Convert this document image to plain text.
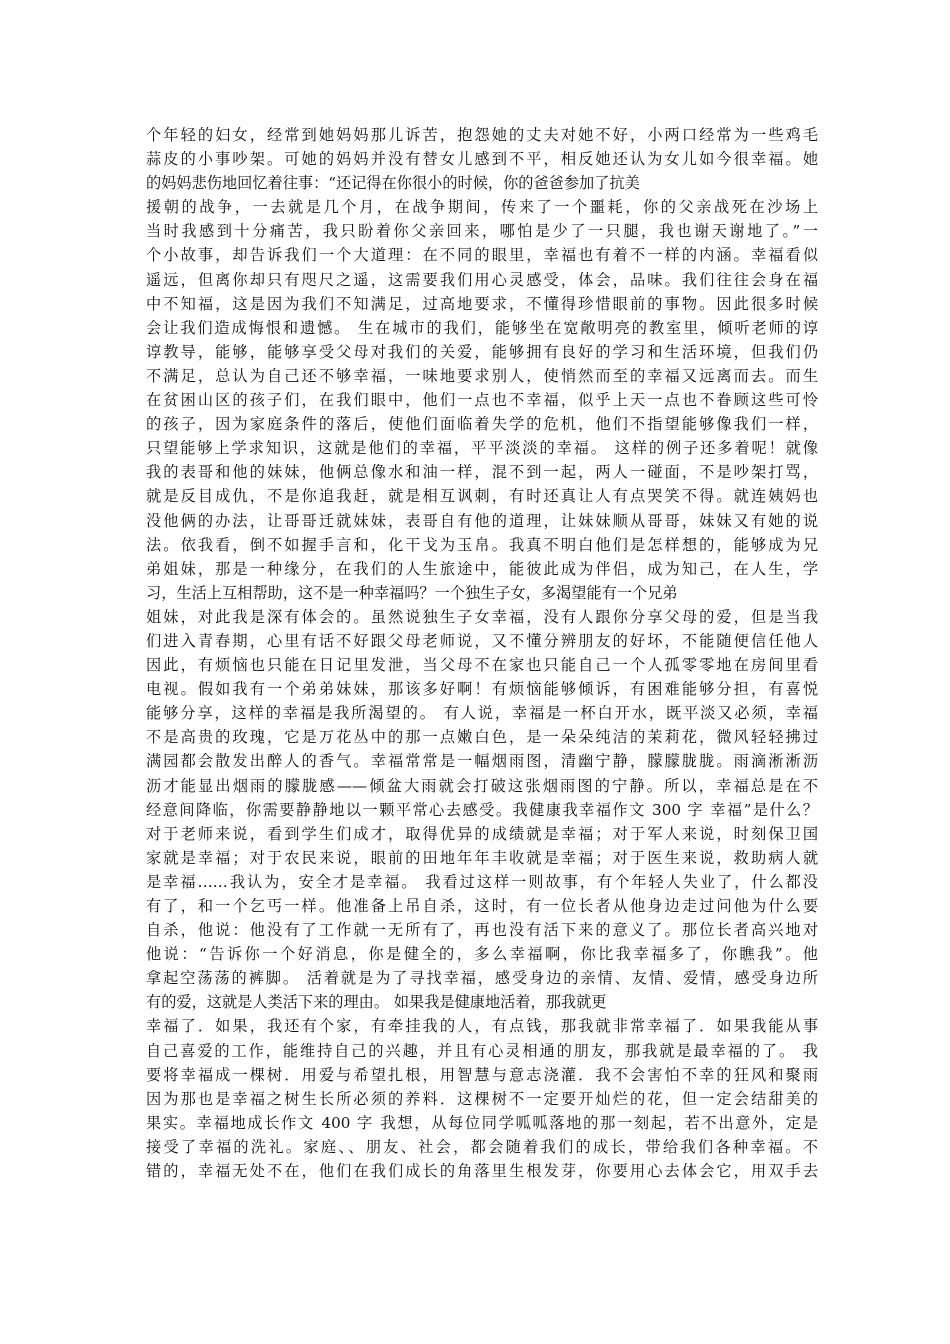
个年轻的妇女，经常到她妈妈那儿诉苦，抱怨她的丈夫对她不好，小两口经常为一些鸡毛
蒜皮的小事吵架。可她的妈妈并没有替女儿感到不平，相反她还认为女儿如今很幸福。她
的妈妈悲伤地回忆着往事：“还记得在你很小的时候，你的爸爸参加了抗美
援朝的战争，一去就是几个月，在战争期间，传来了一个噩耗，你的父亲战死在沙场上
当时我感到十分痛苦，我只盼着你父亲回来，哪怕是少了一只腿，我也谢天谢地了。”一
个小故事，却告诉我们一个大道理：在不同的眼里，幸福也有着不一样的内涵。幸福看似
遥远，但离你却只有咫尺之遥，这需要我们用心灵感受，体会，品味。我们往往会身在福
中不知福，这是因为我们不知满足，过高地要求，不懂得珍惜眼前的事物。因此很多时候
会让我们造成悔恨和遗憾。 生在城市的我们，能够坐在宽敞明亮的教室里，倾听老师的谆
谆教导，能够，能够享受父母对我们的关爱，能够拥有良好的学习和生活环境，但我们仍
不满足，总认为自己还不够幸福，一味地要求别人，使悄然而至的幸福又远离而去。而生
在贫困山区的孩子们，在我们眼中，他们一点也不幸福，似乎上天一点也不眷顾这些可怜
的孩子，因为家庭条件的落后，使他们面临着失学的危机，他们不指望能够像我们一样，
只望能够上学求知识，这就是他们的幸福，平平淡淡的幸福。 这样的例子还多着呢！就像
我的表哥和他的妹妹，他俩总像水和油一样，混不到一起，两人一碰面，不是吵架打骂，
就是反目成仇，不是你追我赶，就是相互讽刺，有时还真让人有点哭笑不得。就连姨妈也
没他俩的办法，让哥哥迁就妹妹，表哥自有他的道理，让妹妹顺从哥哥，妹妹又有她的说
法。依我看，倒不如握手言和，化干戈为玉帛。我真不明白他们是怎样想的，能够成为兄
弟姐妹，那是一种缘分，在我们的人生旅途中，能彼此成为伴侣，成为知己，在人生，学
习，生活上互相帮助，这不是一种幸福吗？一个独生子女，多渴望能有一个兄弟
姐妹，对此我是深有体会的。虽然说独生子女幸福，没有人跟你分享父母的爱，但是当我
们进入青春期，心里有话不好跟父母老师说，又不懂分辨朋友的好坏，不能随便信任他人
因此，有烦恼也只能在日记里发泄，当父母不在家也只能自己一个人孤零零地在房间里看
电视。假如我有一个弟弟妹妹，那该多好啊！有烦恼能够倾诉，有困难能够分担，有喜悦
能够分享，这样的幸福是我所渴望的。 有人说，幸福是一杯白开水，既平淡又必须，幸福
不是高贵的玫瑰，它是万花丛中的那一点嫩白色，是一朵朵纯洁的茉莉花，微风轻轻拂过
满园都会散发出醉人的香气。幸福常常是一幅烟雨图，清幽宁静，朦朦胧胧。雨滴淅淅沥
沥才能显出烟雨的朦胧感——倾盆大雨就会打破这张烟雨图的宁静。所以，幸福总是在不
经意间降临，你需要静静地以一颗平常心去感受。我健康我幸福作文 300 字 幸福”是什么？
对于老师来说，看到学生们成才，取得优异的成绩就是幸福；对于军人来说，时刻保卫国
家就是幸福；对于农民来说，眼前的田地年年丰收就是幸福；对于医生来说，救助病人就
是幸福……我认为，安全才是幸福。 我看过这样一则故事，有个年轻人失业了，什么都没
有了，和一个乞丐一样。他准备上吊自杀，这时，有一位长者从他身边走过问他为什么要
自杀，他说：他没有了工作就一无所有了，再也没有活下来的意义了。那位长者高兴地对
他说：“告诉你一个好消息，你是健全的，多么幸福啊，你比我幸福多了，你瞧我”。他
拿起空荡荡的裤脚。 活着就是为了寻找幸福，感受身边的亲情、友情、爱情，感受身边所
有的爱，这就是人类活下来的理由。 如果我是健康地活着，那我就更
幸福了．如果，我还有个家，有牵挂我的人，有点钱，那我就非常幸福了．如果我能从事
自己喜爱的工作，能维持自己的兴趣，并且有心灵相通的朋友，那我就是最幸福的了。 我
要将幸福成一棵树．用爱与希望扎根，用智慧与意志浇灌．我不会害怕不幸的狂风和聚雨
因为那也是幸福之树生长所必须的养料．这棵树不一定要开灿烂的花，但一定会结甜美的
果实。幸福地成长作文 400 字 我想，从每位同学呱呱落地的那一刻起，若不出意外，定是
接受了幸福的洗礼。家庭、、朋友、社会，都会随着我们的成长，带给我们各种幸福。不
错的，幸福无处不在，他们在我们成长的角落里生根发芽，你要用心去体会它，用双手去
